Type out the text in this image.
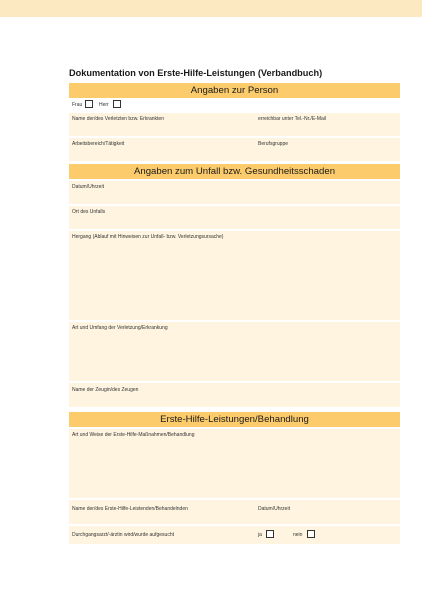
Dokumentation von Erste-Hilfe-Leistungen (Verbandbuch)
Angaben zur Person
Frau	Herr
Name der/des Verletzten bzw. Erkrankten	erreichbar unter Tel.-Nr./E-Mail
Arbeitsbereich/Tätigkeit	Berufsgruppe
Angaben zum Unfall bzw. Gesundheitsschaden
Datum/Uhrzeit
Ort des Unfalls
Hergang (Ablauf mit Hinweisen zur Unfall- bzw. Verletzungsursache)
Art und Umfang der Verletzung/Erkrankung
Name der Zeugin/des Zeugen
Erste-Hilfe-Leistungen/Behandlung
Art und Weise der Erste-Hilfe-Maßnahmen/Behandlung
Name der/des Erste-Hilfe-Leistenden/Behandelnden	Datum/Uhrzeit
Durchgangsarzt/-ärztin wird/wurde aufgesucht	ja	nein
